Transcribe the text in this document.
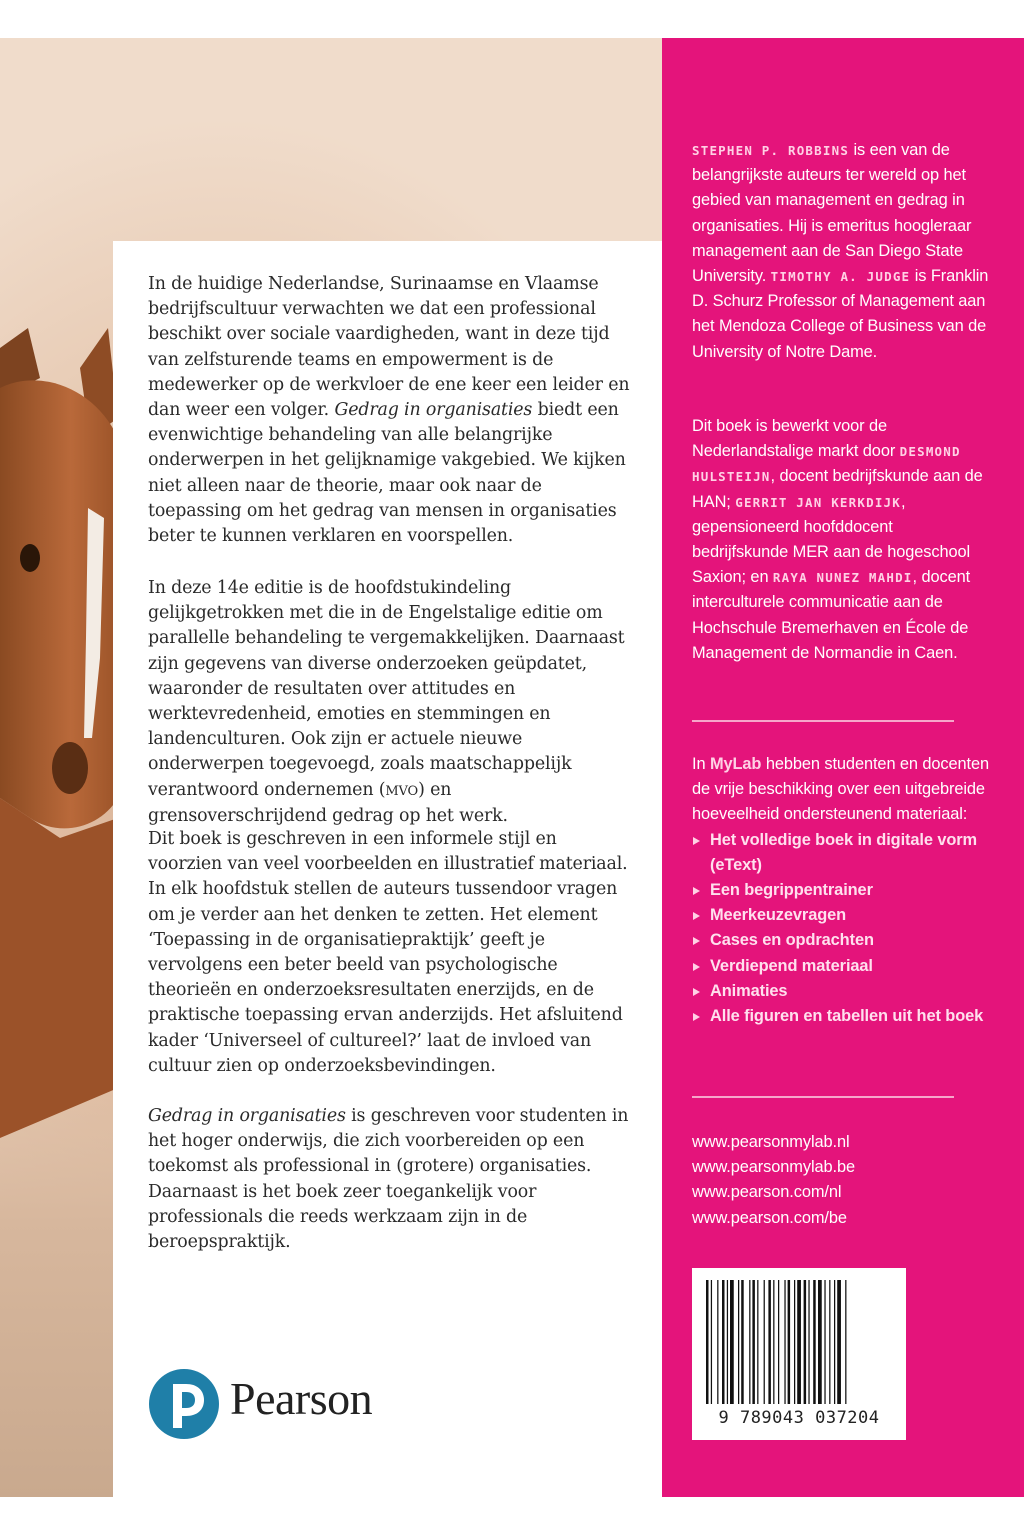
In de huidige Nederlandse, Surinaamse en Vlaamse bedrijfscultuur verwachten we dat een professional beschikt over sociale vaardigheden, want in deze tijd van zelfsturende teams en empowerment is de medewerker op de werkvloer de ene keer een leider en dan weer een volger. Gedrag in organisaties biedt een evenwichtige behandeling van alle belangrijke onderwerpen in het gelijknamige vakgebied. We kijken niet alleen naar de theorie, maar ook naar de toepassing om het gedrag van mensen in organisaties beter te kunnen verklaren en voorspellen.
In deze 14e editie is de hoofdstukindeling gelijkgetrokken met die in de Engelstalige editie om parallelle behandeling te vergemakkelijken. Daarnaast zijn gegevens van diverse onderzoeken geüpdatet, waaronder de resultaten over attitudes en werktevredenheid, emoties en stemmingen en landenculturen. Ook zijn er actuele nieuwe onderwerpen toegevoegd, zoals maatschappelijk verantwoord ondernemen (MVO) en grensoverschrijdend gedrag op het werk.
Dit boek is geschreven in een informele stijl en voorzien van veel voorbeelden en illustratief materiaal. In elk hoofdstuk stellen de auteurs tussendoor vragen om je verder aan het denken te zetten. Het element ‘Toepassing in de organisatiepraktijk’ geeft je vervolgens een beter beeld van psychologische theorieën en onderzoeksresultaten enerzijds, en de praktische toepassing ervan anderzijds. Het afsluitend kader ‘Universeel of cultureel?’ laat de invloed van cultuur zien op onderzoeksbevindingen.
Gedrag in organisaties is geschreven voor studenten in het hoger onderwijs, die zich voorbereiden op een toekomst als professional in (grotere) organisaties. Daarnaast is het boek zeer toegankelijk voor professionals die reeds werkzaam zijn in de beroepspraktijk.
STEPHEN P. ROBBINS is een van de belangrijkste auteurs ter wereld op het gebied van management en gedrag in organisaties. Hij is emeritus hoogleraar management aan de San Diego State University. TIMOTHY A. JUDGE is Franklin D. Schurz Professor of Management aan het Mendoza College of Business van de University of Notre Dame.
Dit boek is bewerkt voor de Nederlandstalige markt door DESMOND HULSTEIJN, docent bedrijfskunde aan de HAN; GERRIT JAN KERKDIJK, gepensioneerd hoofddocent bedrijfskunde MER aan de hogeschool Saxion; en RAYA NUNEZ MAHDI, docent interculturele communicatie aan de Hochschule Bremerhaven en École de Management de Normandie in Caen.
In MyLab hebben studenten en docenten de vrije beschikking over een uitgebreide hoeveelheid ondersteunend materiaal:
Het volledige boek in digitale vorm (eText)
Een begrippentrainer
Meerkeuzevragen
Cases en opdrachten
Verdiepend materiaal
Animaties
Alle figuren en tabellen uit het boek
www.pearsonmylab.nl
www.pearsonmylab.be
www.pearson.com/nl
www.pearson.com/be
9 789043 037204
Pearson
